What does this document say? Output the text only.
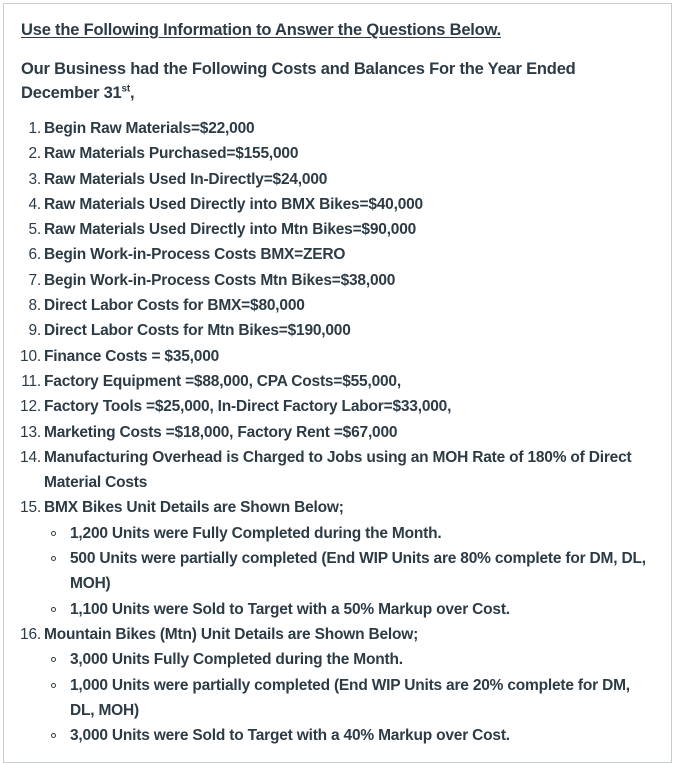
Use the Following Information to Answer the Questions Below.
Our Business had the Following Costs and Balances For the Year Ended December 31st,
1. Begin Raw Materials=$22,000
2. Raw Materials Purchased=$155,000
3. Raw Materials Used In-Directly=$24,000
4. Raw Materials Used Directly into BMX Bikes=$40,000
5. Raw Materials Used Directly into Mtn Bikes=$90,000
6. Begin Work-in-Process Costs BMX=ZERO
7. Begin Work-in-Process Costs Mtn Bikes=$38,000
8. Direct Labor Costs for BMX=$80,000
9. Direct Labor Costs for Mtn Bikes=$190,000
10. Finance Costs = $35,000
11. Factory Equipment =$88,000, CPA Costs=$55,000,
12. Factory Tools =$25,000, In-Direct Factory Labor=$33,000,
13. Marketing Costs =$18,000, Factory Rent =$67,000
14. Manufacturing Overhead is Charged to Jobs using an MOH Rate of 180% of Direct Material Costs
15. BMX Bikes Unit Details are Shown Below;
1,200 Units were Fully Completed during the Month.
500 Units were partially completed (End WIP Units are 80% complete for DM, DL, MOH)
1,100 Units were Sold to Target with a 50% Markup over Cost.
16. Mountain Bikes (Mtn) Unit Details are Shown Below;
3,000 Units Fully Completed during the Month.
1,000 Units were partially completed (End WIP Units are 20% complete for DM, DL, MOH)
3,000 Units were Sold to Target with a 40% Markup over Cost.
